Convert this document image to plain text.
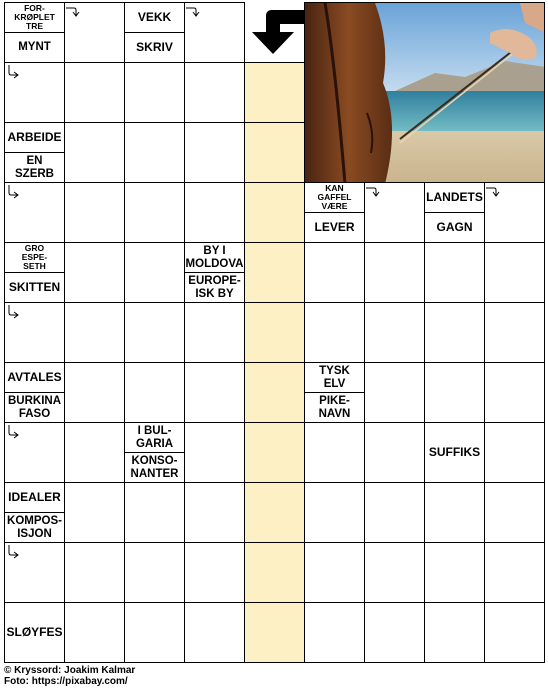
FOR-
KRØPLET
TRE
MYNT
VEKK
SKRIV
ARBEIDE
EN
SZERB
KAN
GAFFEL
VÆRE
LEVER
LANDETS
GAGN
GRO
ESPE-
SETH
SKITTEN
BY I
MOLDOVA
EUROPE-
ISK BY
AVTALES
BURKINA
FASO
TYSK
ELV
PIKE-
NAVN
I BUL-
GARIA
KONSO-
NANTER
SUFFIKS
IDEALER
KOMPOS-
ISJON
SLØYFES
© Kryssord: Joakim Kalmar
Foto: https://pixabay.com/
